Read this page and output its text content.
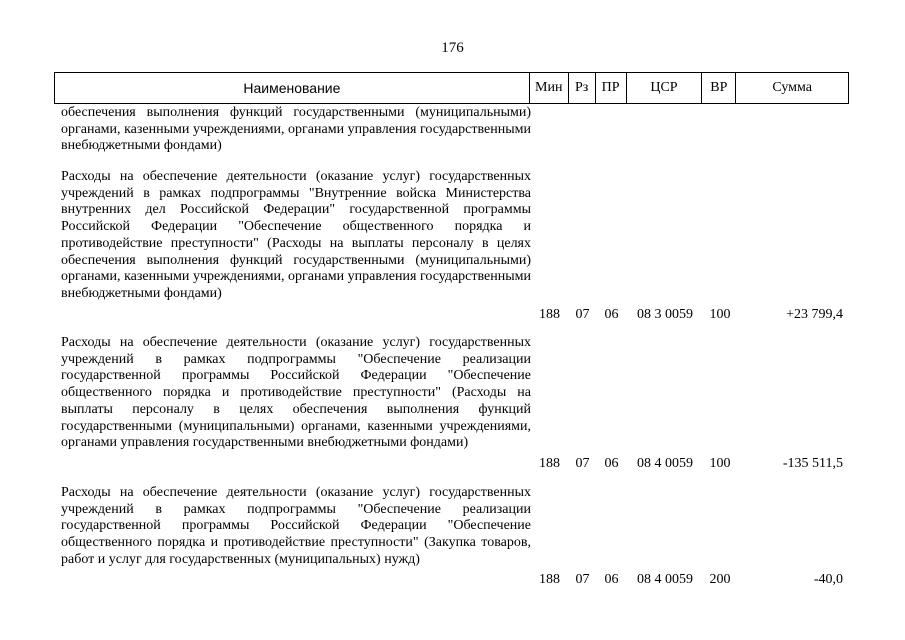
176
Наименование	Мин Рз ПР	ЦСР	ВР	Сумма
обеспечения выполнения функций государственными (муниципальными) органами, казенными учреждениями, органами управления государственными внебюджетными фондами)
Расходы на обеспечение деятельности (оказание услуг) государственных учреждений в рамках подпрограммы "Внутренние войска Министерства внутренних дел Российской Федерации" государственной программы Российской Федерации "Обеспечение общественного порядка и противодействие преступности" (Расходы на выплаты персоналу в целях обеспечения выполнения функций государственными (муниципальными) органами, казенными учреждениями, органами управления государственными внебюджетными фондами)
188	07	06	08 3 0059	100	+23 799,4
Расходы на обеспечение деятельности (оказание услуг) государственных учреждений в рамках подпрограммы "Обеспечение реализации государственной программы Российской Федерации "Обеспечение общественного порядка и противодействие преступности" (Расходы на выплаты персоналу в целях обеспечения выполнения функций государственными (муниципальными) органами, казенными учреждениями, органами управления государственными внебюджетными фондами)
188	07	06	08 4 0059	100	-135 511,5
Расходы на обеспечение деятельности (оказание услуг) государственных учреждений в рамках подпрограммы "Обеспечение реализации государственной программы Российской Федерации "Обеспечение общественного порядка и противодействие преступности" (Закупка товаров, работ и услуг для государственных (муниципальных) нужд)
188	07	06	08 4 0059	200	-40,0
